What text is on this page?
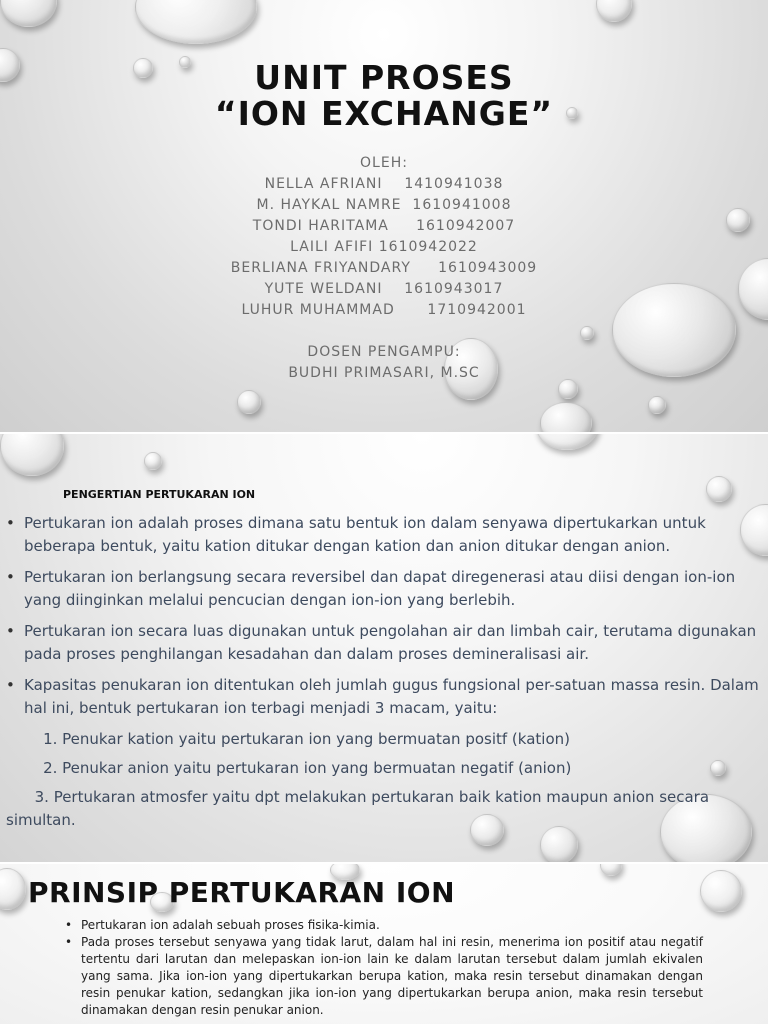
UNIT PROSES
“ION EXCHANGE”
OLEH:
NELLA AFRIANI    1410941038
M. HAYKAL NAMRE  1610941008
TONDI HARITAMA     1610942007
LAILI AFIFI 1610942022
BERLIANA FRIYANDARY     1610943009
YUTE WELDANI    1610943017
LUHUR MUHAMMAD      1710942001
DOSEN PENGAMPU:
BUDHI PRIMASARI, M.SC
PENGERTIAN PERTUKARAN ION
• Pertukaran ion adalah proses dimana satu bentuk ion dalam senyawa dipertukarkan untuk beberapa bentuk, yaitu kation ditukar dengan kation dan anion ditukar dengan anion.
• Pertukaran ion berlangsung secara reversibel dan dapat diregenerasi atau diisi dengan ion-ion yang diinginkan melalui pencucian dengan ion-ion yang berlebih.
• Pertukaran ion secara luas digunakan untuk pengolahan air dan limbah cair, terutama digunakan pada proses penghilangan kesadahan dan dalam proses demineralisasi air.
• Kapasitas penukaran ion ditentukan oleh jumlah gugus fungsional per-satuan massa resin. Dalam hal ini, bentuk pertukaran ion terbagi menjadi 3 macam, yaitu:
1. Penukar kation yaitu pertukaran ion yang bermuatan positf (kation)
2. Penukar anion yaitu pertukaran ion yang bermuatan negatif (anion)
3. Pertukaran atmosfer yaitu dpt melakukan pertukaran baik kation maupun anion secara simultan.
PRINSIP PERTUKARAN ION
• Pertukaran ion adalah sebuah proses fisika-kimia.
• Pada proses tersebut senyawa yang tidak larut, dalam hal ini resin, menerima ion positif atau negatif tertentu dari larutan dan melepaskan ion-ion lain ke dalam larutan tersebut dalam jumlah ekivalen yang sama. Jika ion-ion yang dipertukarkan berupa kation, maka resin tersebut dinamakan dengan resin penukar kation, sedangkan jika ion-ion yang dipertukarkan berupa anion, maka resin tersebut dinamakan dengan resin penukar anion.
